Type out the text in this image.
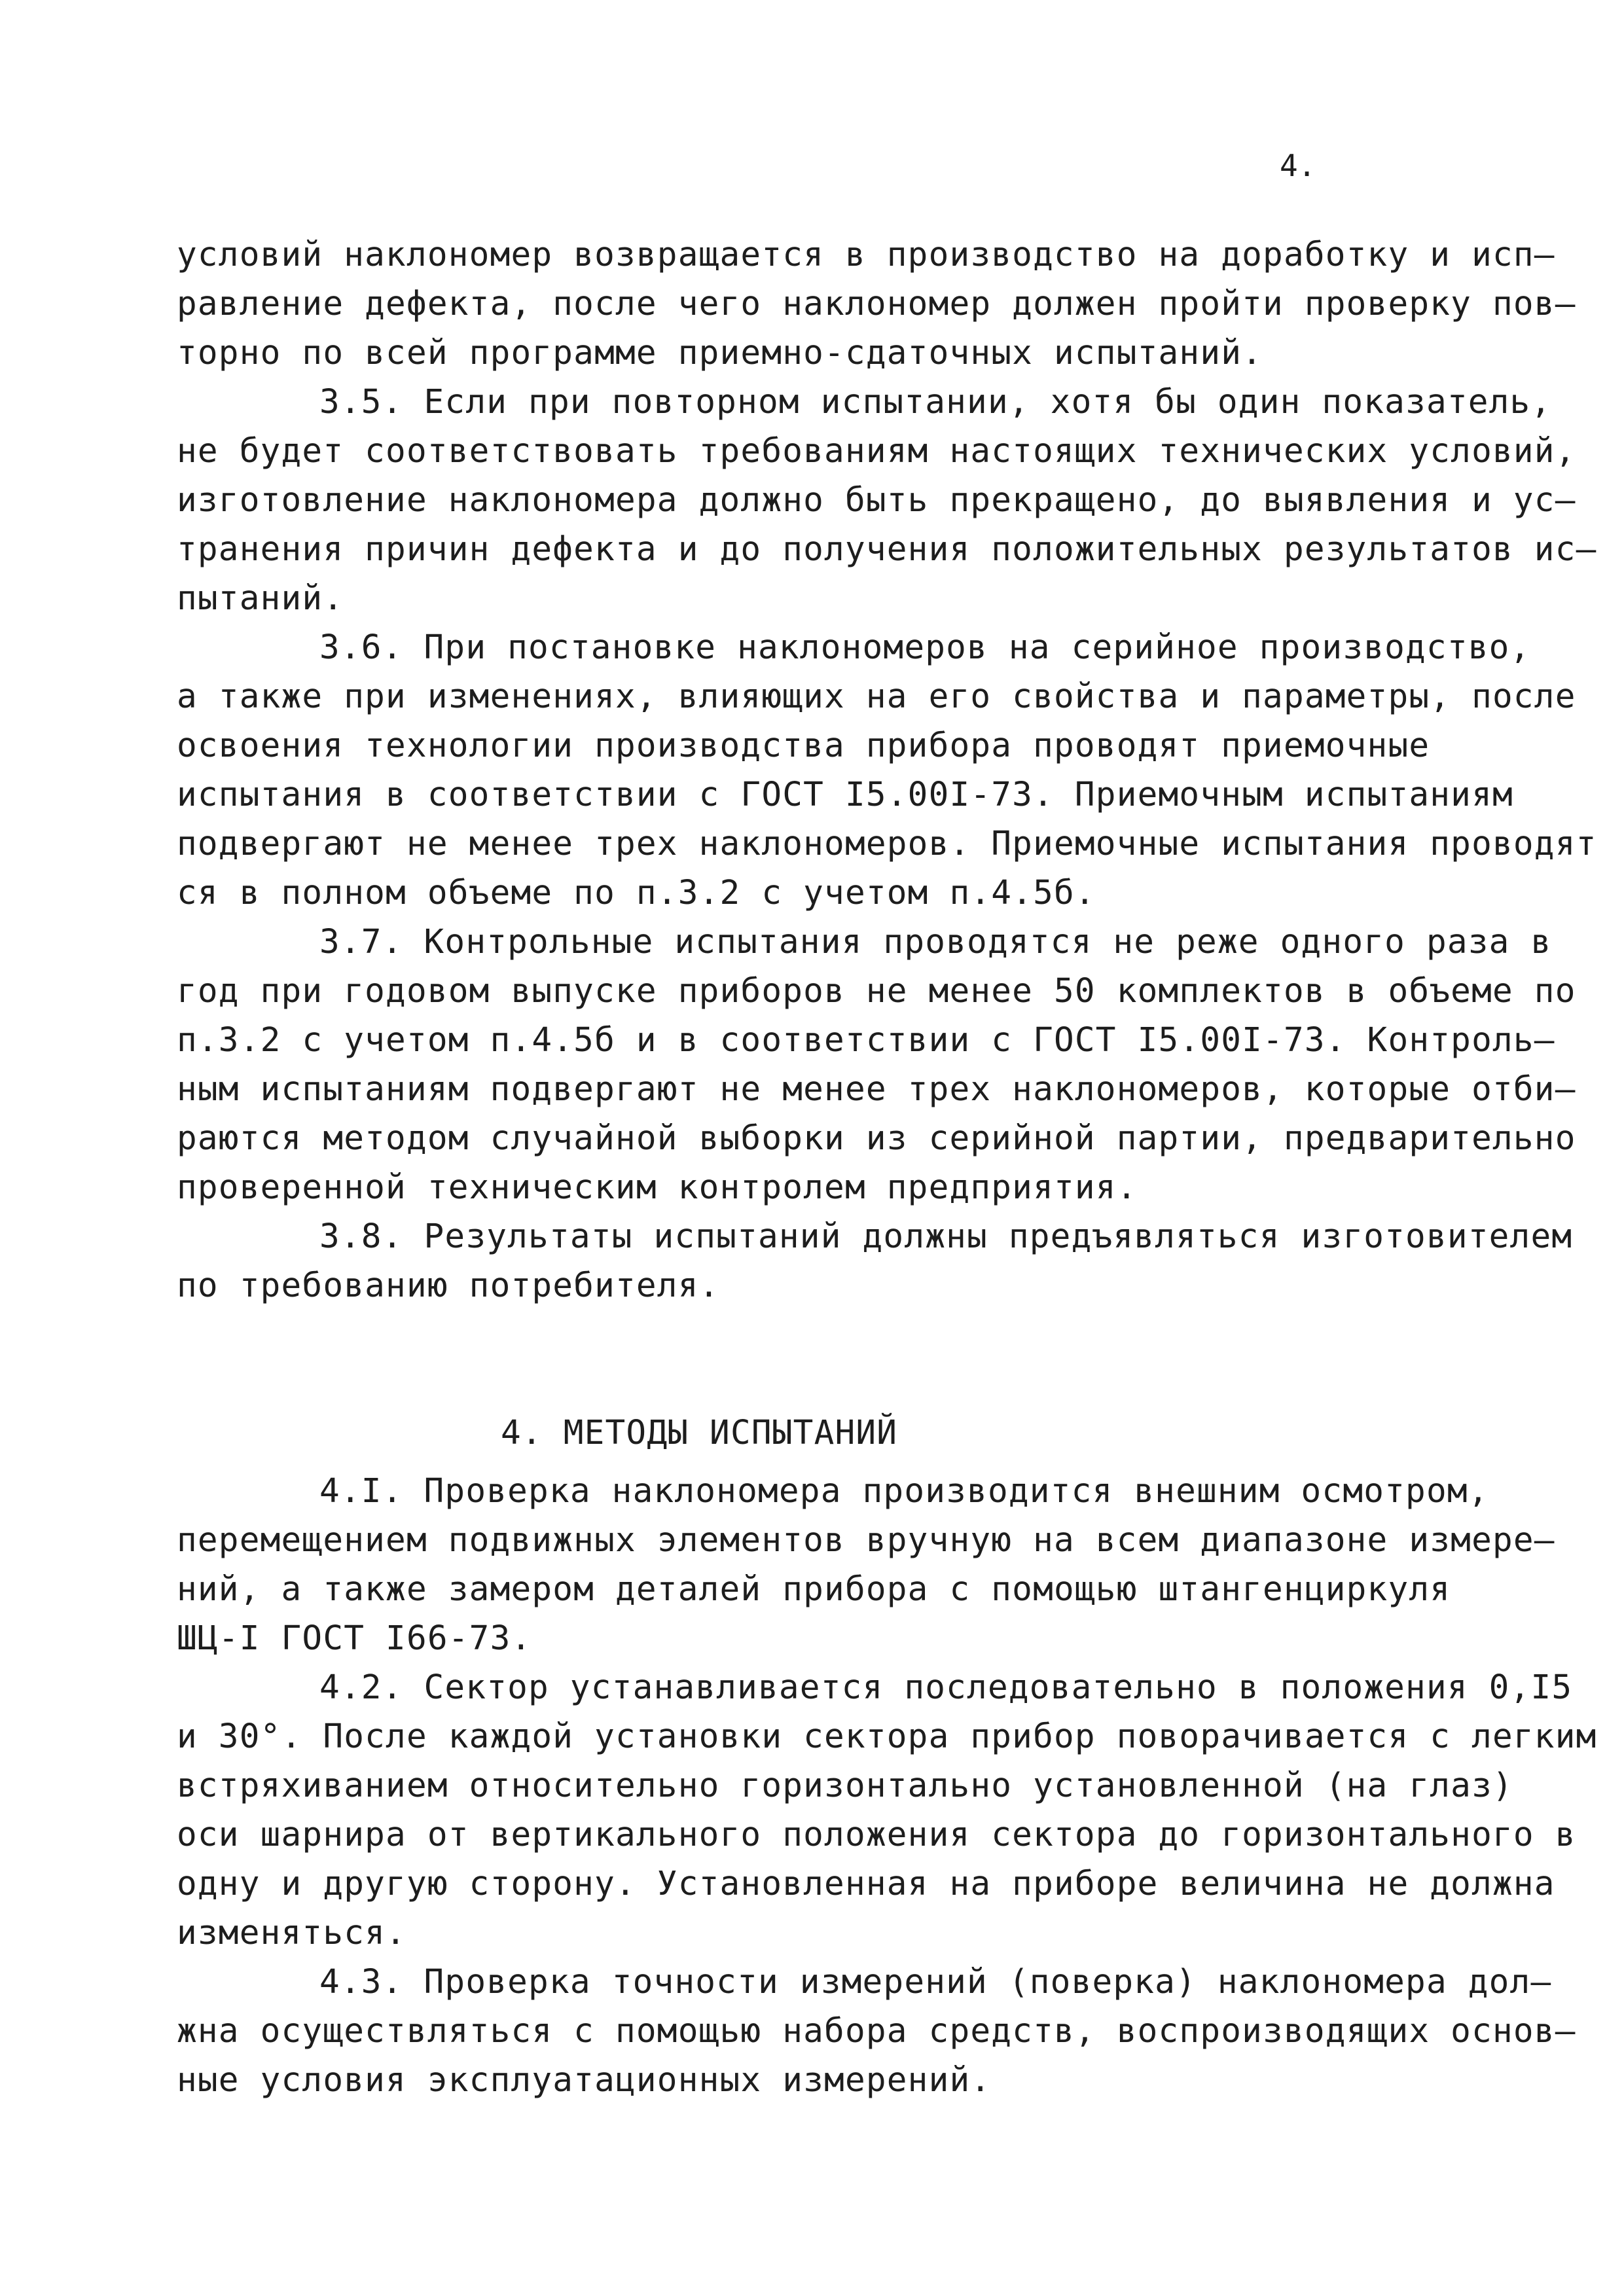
4.
условий наклономер возвращается в производство на доработку и исп–
равление дефекта, после чего наклономер должен пройти проверку пов–
торно по всей программе приемно-сдаточных испытаний.
3.5. Если при повторном испытании, хотя бы один показатель,
не будет соответствовать требованиям настоящих технических условий,
изготовление наклономера должно быть прекращено, до выявления и ус–
транения причин дефекта и до получения положительных результатов ис–
пытаний.
3.6. При постановке наклономеров на серийное производство,
а также при изменениях, влияющих на его свойства и параметры, после
освоения технологии производства прибора проводят приемочные
испытания в соответствии с ГОСТ I5.00I-73. Приемочным испытаниям
подвергают не менее трех наклономеров. Приемочные испытания проводят
ся в полном объеме по п.3.2 с учетом п.4.5б.
3.7. Контрольные испытания проводятся не реже одного раза в
год при годовом выпуске приборов не менее 50 комплектов в объеме по
п.3.2 с учетом п.4.5б и в соответствии с ГОСТ I5.00I-73. Контроль–
ным испытаниям подвергают не менее трех наклономеров, которые отби–
раются методом случайной выборки из серийной партии, предварительно
проверенной техническим контролем предприятия.
3.8. Результаты испытаний должны предъявляться изготовителем
по требованию потребителя.
4. МЕТОДЫ ИСПЫТАНИЙ
4.I. Проверка наклономера производится внешним осмотром,
перемещением подвижных элементов вручную на всем диапазоне измере–
ний, а также замером деталей прибора с помощью штангенциркуля
ШЦ-I ГОСТ I66-73.
4.2. Сектор устанавливается последовательно в положения 0,I5
и 30°. После каждой установки сектора прибор поворачивается с легким
встряхиванием относительно горизонтально установленной (на глаз)
оси шарнира от вертикального положения сектора до горизонтального в
одну и другую сторону. Установленная на приборе величина не должна
изменяться.
4.3. Проверка точности измерений (поверка) наклономера дол–
жна осуществляться с помощью набора средств, воспроизводящих основ–
ные условия эксплуатационных измерений.
